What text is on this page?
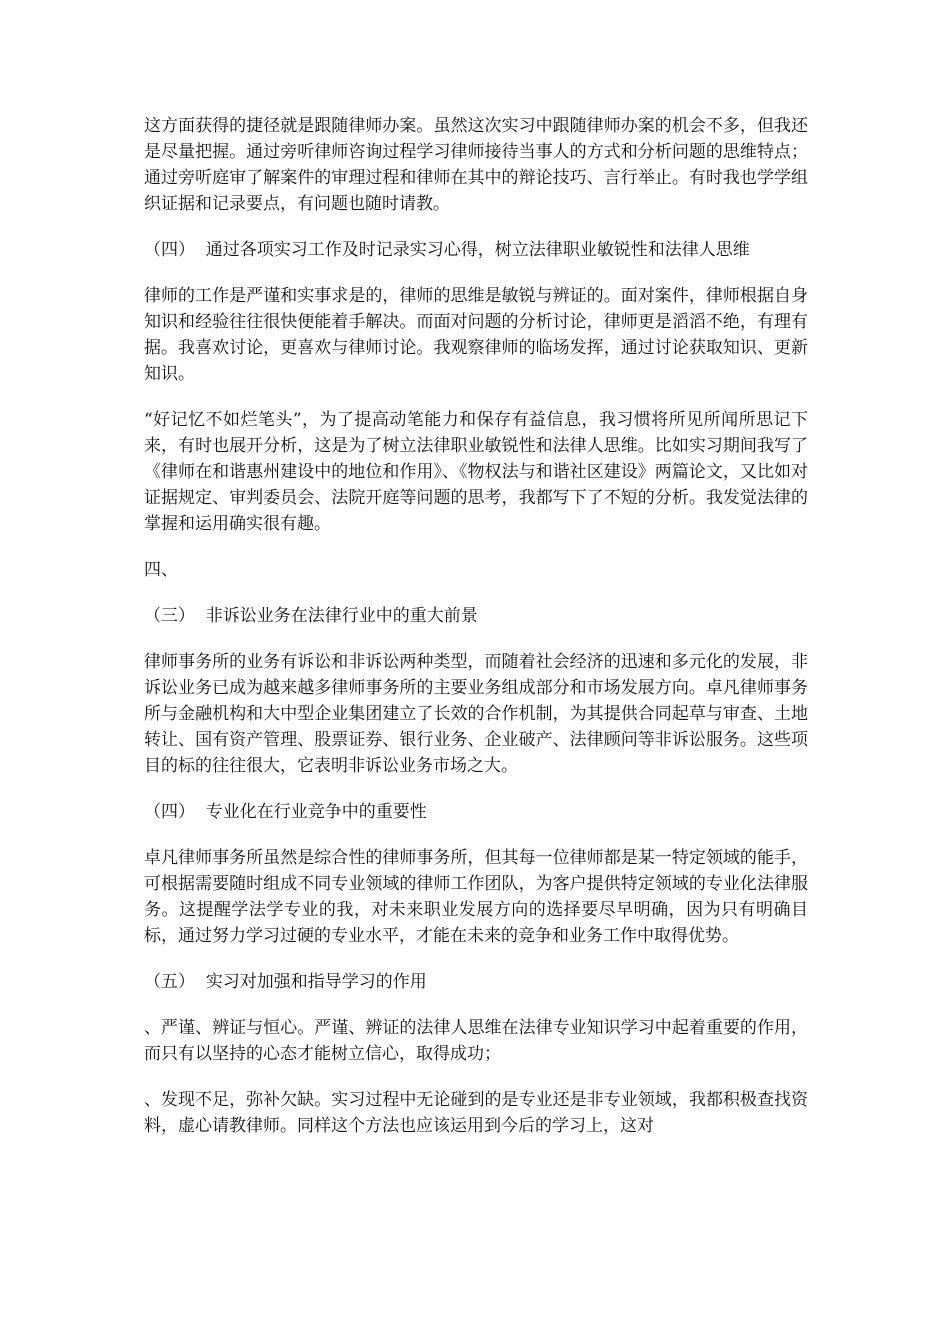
这方面获得的捷径就是跟随律师办案。虽然这次实习中跟随律师办案的机会不多，但我还是尽量把握。通过旁听律师咨询过程学习律师接待当事人的方式和分析问题的思维特点；通过旁听庭审了解案件的审理过程和律师在其中的辩论技巧、言行举止。有时我也学学组织证据和记录要点，有问题也随时请教。

（四）  通过各项实习工作及时记录实习心得，树立法律职业敏锐性和法律人思维

律师的工作是严谨和实事求是的，律师的思维是敏锐与辨证的。面对案件，律师根据自身知识和经验往往很快便能着手解决。而面对问题的分析讨论，律师更是滔滔不绝，有理有据。我喜欢讨论，更喜欢与律师讨论。我观察律师的临场发挥，通过讨论获取知识、更新知识。

“好记忆不如烂笔头”，为了提高动笔能力和保存有益信息，我习惯将所见所闻所思记下来，有时也展开分析，这是为了树立法律职业敏锐性和法律人思维。比如实习期间我写了《律师在和谐惠州建设中的地位和作用》、《物权法与和谐社区建设》两篇论文，又比如对证据规定、审判委员会、法院开庭等问题的思考，我都写下了不短的分析。我发觉法律的掌握和运用确实很有趣。

四、

（三）  非诉讼业务在法律行业中的重大前景

律师事务所的业务有诉讼和非诉讼两种类型，而随着社会经济的迅速和多元化的发展，非诉讼业务已成为越来越多律师事务所的主要业务组成部分和市场发展方向。卓凡律师事务所与金融机构和大中型企业集团建立了长效的合作机制，为其提供合同起草与审查、土地转让、国有资产管理、股票证券、银行业务、企业破产、法律顾问等非诉讼服务。这些项目的标的往往很大，它表明非诉讼业务市场之大。

（四）  专业化在行业竞争中的重要性

卓凡律师事务所虽然是综合性的律师事务所，但其每一位律师都是某一特定领域的能手，可根据需要随时组成不同专业领域的律师工作团队，为客户提供特定领域的专业化法律服务。这提醒学法学专业的我，对未来职业发展方向的选择要尽早明确，因为只有明确目标，通过努力学习过硬的专业水平，才能在未来的竞争和业务工作中取得优势。

（五）  实习对加强和指导学习的作用

、严谨、辨证与恒心。严谨、辨证的法律人思维在法律专业知识学习中起着重要的作用，而只有以坚持的心态才能树立信心，取得成功；

、发现不足，弥补欠缺。实习过程中无论碰到的是专业还是非专业领域，我都积极查找资料，虚心请教律师。同样这个方法也应该运用到今后的学习上，这对
